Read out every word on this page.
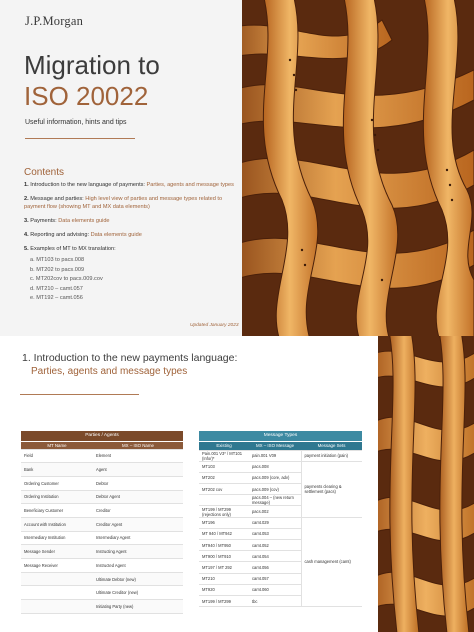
J.P.Morgan
Migration to
ISO 20022
Useful information, hints and tips
Contents
1. Introduction to the new language of payments: Parties, agents and message types
2. Message and parties: High level view of parties and message types related to payment flow (showing MT and MX data elements)
3. Payments: Data elements guide
4. Reporting and advising: Data elements guide
5. Examples of MT to MX translation:
a. MT103 to pacs.008
b. MT202 to pacs.009
c. MT202cov to pacs.009.cov
d. MT210 – camt.057
e. MT192 – camt.056
Updated January 2023
1. Introduction to the new payments language:
Parties, agents and message types
Parties / Agents	
MT Name	MX – ISO Name
Field	Element
Bank	Agent
Ordering Customer	Debtor
Ordering Institution	Debtor Agent
Beneficiary Customer	Creditor
Account with Institution	Creditor Agent
Intermediary Institution	Intermediary Agent
Message Sender	Instructing Agent
Message Receiver	Instructed Agent
	Ultimate Debtor (new)
	Ultimate Creditor (new)
	Initiating Party (new)
Message Types		
Existing	MX – ISO Message	Message Sets
Pain.001 V3* / MT101 (Infor)*	pain.001 V09	payment initiation (pain)
MT103	pacs.008	payments clearing & settlement (pacs)
MT202	pacs.009 (core, adv)	
MT202 cov	pacs.009 (cov)	
	pacs.004 – (new return message)	
MT199 / MT299 (rejections only)	pacs.002	
MT196	camt.029	cash management (camt)
MT 940 / MT942	camt.053	
MT940 / MT950	camt.052	
MT900 / MT910	camt.054	
MT197 / MT 292	camt.056	
MT210	camt.057	
MT920	camt.060	
MT199 / MT299	tbc	
